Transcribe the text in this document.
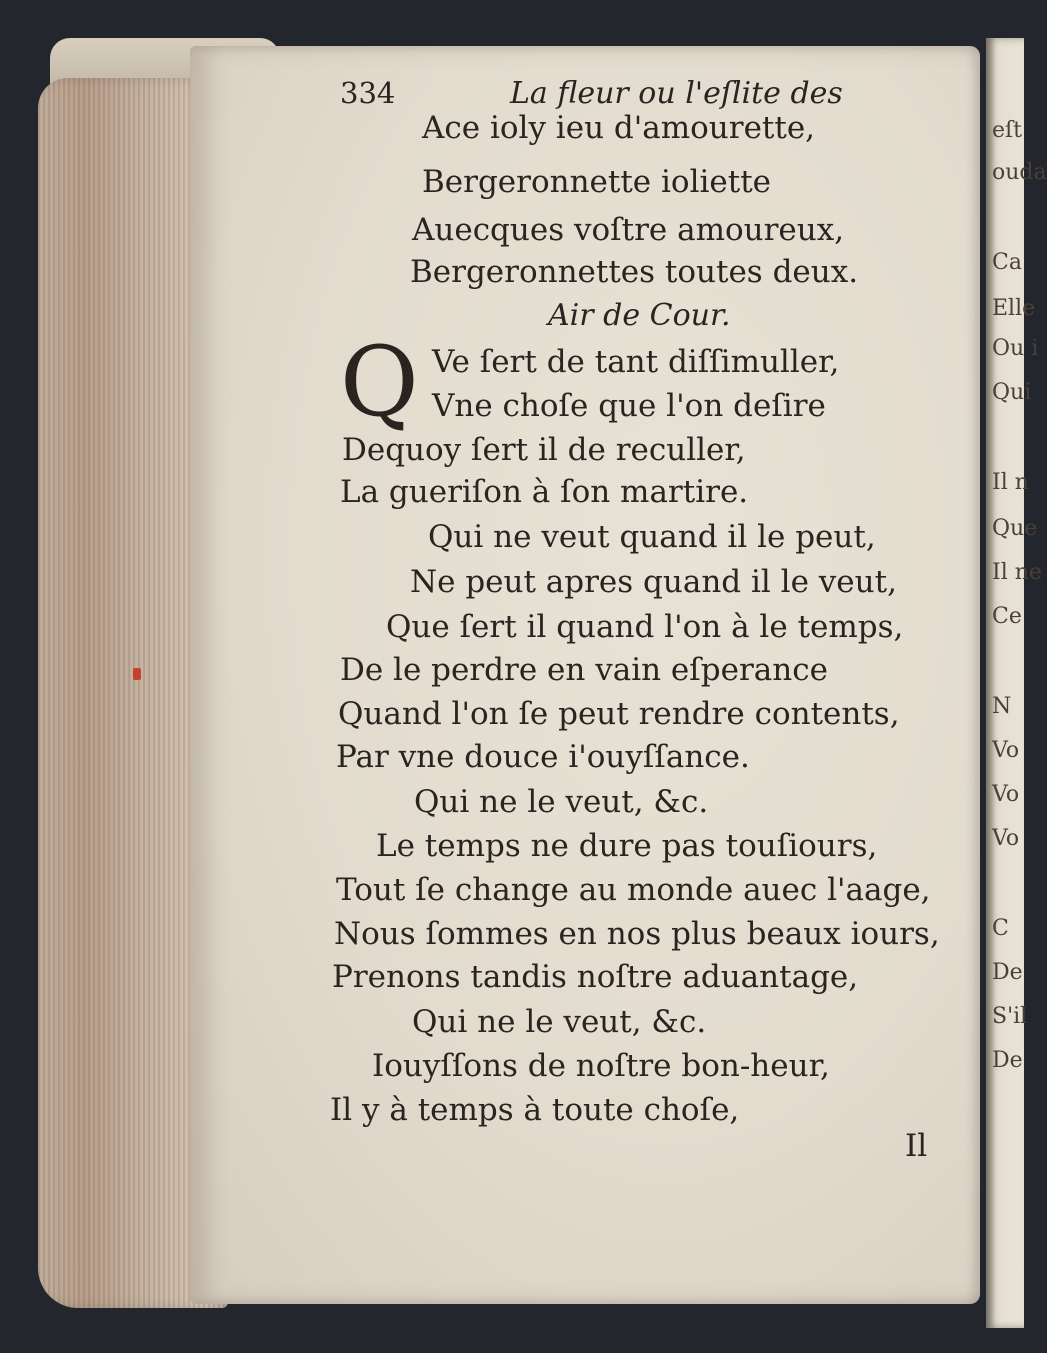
eſt
ouda
Ca
Elle
Ou i
Qui
Il n
Que
Il ne
Ce
N
Vo
Vo
Vo
C
De
S'il
De
334	La fleur ou l'eſlite des
Ace ioly ieu d'amourette,
Bergeronnette ioliette
Auecques voſtre amoureux,
Bergeronnettes toutes deux.
Air de Cour.
Q Ve ſert de tant diſſimuller,
Vne choſe que l'on deſire
Dequoy ſert il de reculler,
La gueriſon à ſon martire.
Qui ne veut quand il le peut,
Ne peut apres quand il le veut,
Que ſert il quand l'on à le temps,
De le perdre en vain eſperance
Quand l'on ſe peut rendre contents,
Par vne douce i'ouyſſance.
Qui ne le veut, &c.
Le temps ne dure pas touſiours,
Tout ſe change au monde auec l'aage,
Nous ſommes en nos plus beaux iours,
Prenons tandis noſtre aduantage,
Qui ne le veut, &c.
Iouyſſons de noſtre bon-heur,
Il y à temps à toute choſe,
Il
